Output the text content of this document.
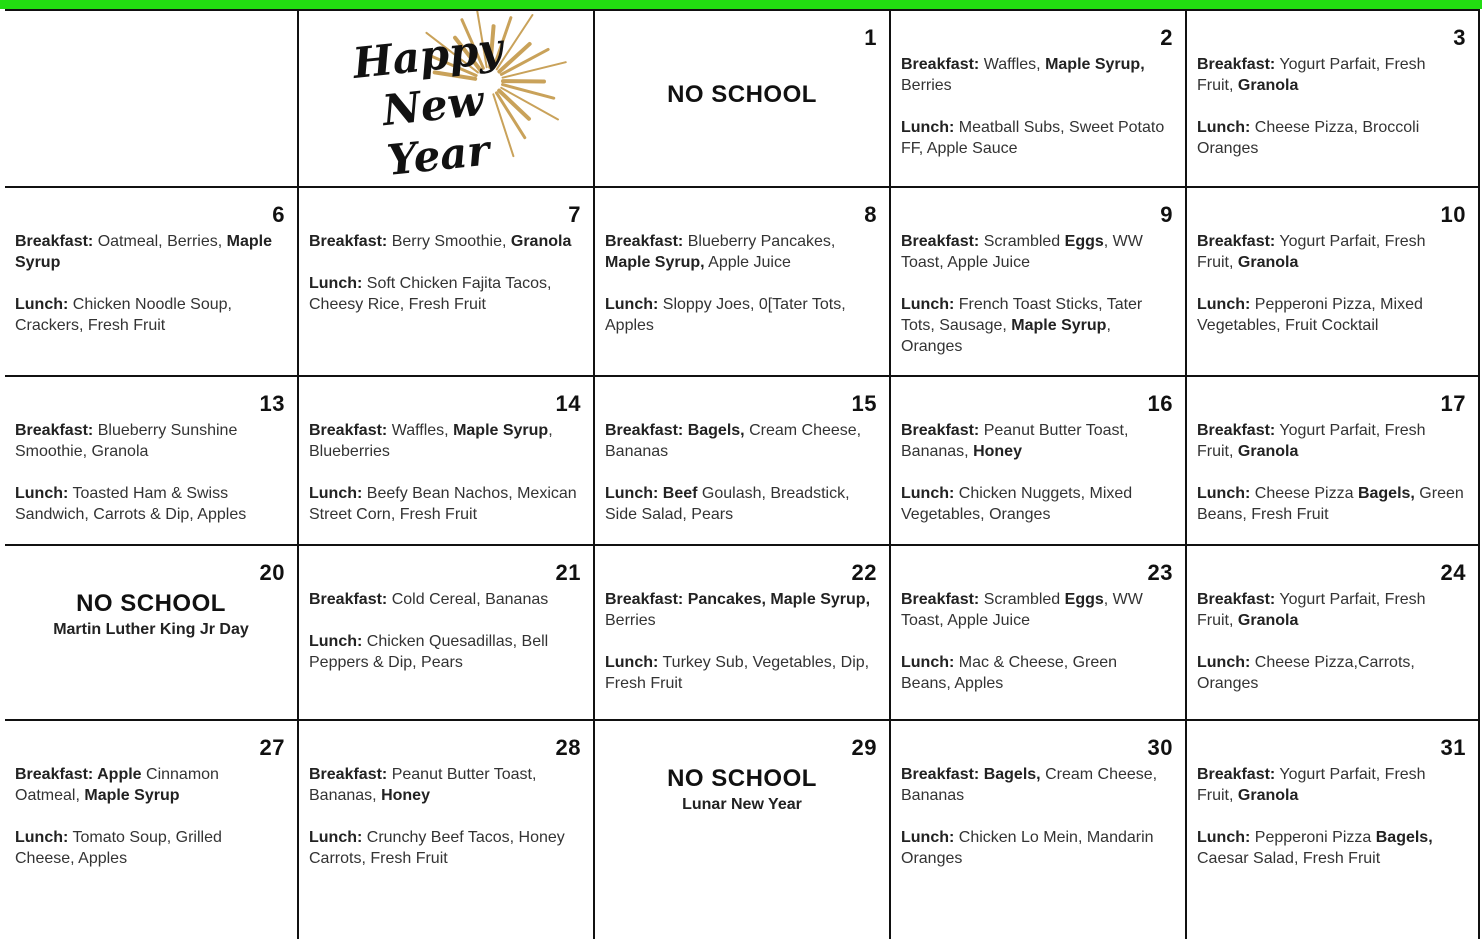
Happy New Year
1
NO SCHOOL
2

Breakfast: Waffles, Maple Syrup, Berries

Lunch: Meatball Subs, Sweet Potato FF, Apple Sauce

3

Breakfast: Yogurt Parfait, Fresh Fruit, Granola

Lunch: Cheese Pizza, Broccoli Oranges

6

Breakfast: Oatmeal, Berries, Maple Syrup

Lunch: Chicken Noodle Soup, Crackers, Fresh Fruit

7

Breakfast: Berry Smoothie, Granola

Lunch: Soft Chicken Fajita Tacos, Cheesy Rice, Fresh Fruit

8

Breakfast: Blueberry Pancakes, Maple Syrup, Apple Juice

Lunch: Sloppy Joes, 0[Tater Tots, Apples

9

Breakfast: Scrambled Eggs, WW Toast, Apple Juice

Lunch: French Toast Sticks, Tater Tots, Sausage, Maple Syrup, Oranges

10

Breakfast: Yogurt Parfait, Fresh Fruit, Granola

Lunch: Pepperoni Pizza, Mixed Vegetables, Fruit Cocktail

13

Breakfast: Blueberry Sunshine Smoothie, Granola

Lunch: Toasted Ham & Swiss Sandwich, Carrots & Dip, Apples

14

Breakfast: Waffles, Maple Syrup, Blueberries

Lunch: Beefy Bean Nachos, Mexican Street Corn, Fresh Fruit

15

Breakfast: Bagels, Cream Cheese, Bananas

Lunch: Beef Goulash, Breadstick, Side Salad, Pears

16

Breakfast: Peanut Butter Toast, Bananas, Honey

Lunch: Chicken Nuggets, Mixed Vegetables, Oranges

17

Breakfast: Yogurt Parfait, Fresh Fruit, Granola

Lunch: Cheese Pizza Bagels, Green Beans, Fresh Fruit

20
NO SCHOOL
Martin Luther King Jr Day
21

Breakfast: Cold Cereal, Bananas

Lunch: Chicken Quesadillas, Bell Peppers & Dip, Pears

22

Breakfast: Pancakes, Maple Syrup, Berries

Lunch: Turkey Sub, Vegetables, Dip, Fresh Fruit

23

Breakfast: Scrambled Eggs, WW Toast, Apple Juice

Lunch: Mac & Cheese, Green Beans, Apples

24

Breakfast: Yogurt Parfait, Fresh Fruit, Granola

Lunch: Cheese Pizza,Carrots, Oranges

27

Breakfast: Apple Cinnamon Oatmeal, Maple Syrup

Lunch: Tomato Soup, Grilled Cheese, Apples

28

Breakfast: Peanut Butter Toast, Bananas, Honey

Lunch: Crunchy Beef Tacos, Honey Carrots, Fresh Fruit

29
NO SCHOOL
Lunar New Year
30

Breakfast: Bagels, Cream Cheese, Bananas

Lunch: Chicken Lo Mein, Mandarin Oranges

31

Breakfast: Yogurt Parfait, Fresh Fruit, Granola

Lunch: Pepperoni Pizza Bagels, Caesar Salad, Fresh Fruit
